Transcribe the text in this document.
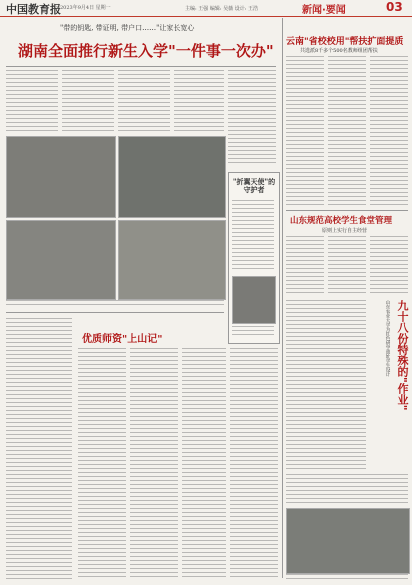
中国教育报 2023年9月4日 星期一	主编: 王强 编辑: 吴薇 设计: 王浩	新闻·要闻	03
"带的钥匙, 带证明, 带户口……"让家长宽心
湖南全面推行新生入学"一件事一次办"
"折翼天使"的
守护者
云南"省校校用"帮扶扩面提质
共选派8千多个500名教师组团帮扶
山东规范高校学生食堂管理
原则上实行自主经营
优质师资"上山记"	山东农业大学为红色研学遗址学生设计 九十八份特殊的"作业"
